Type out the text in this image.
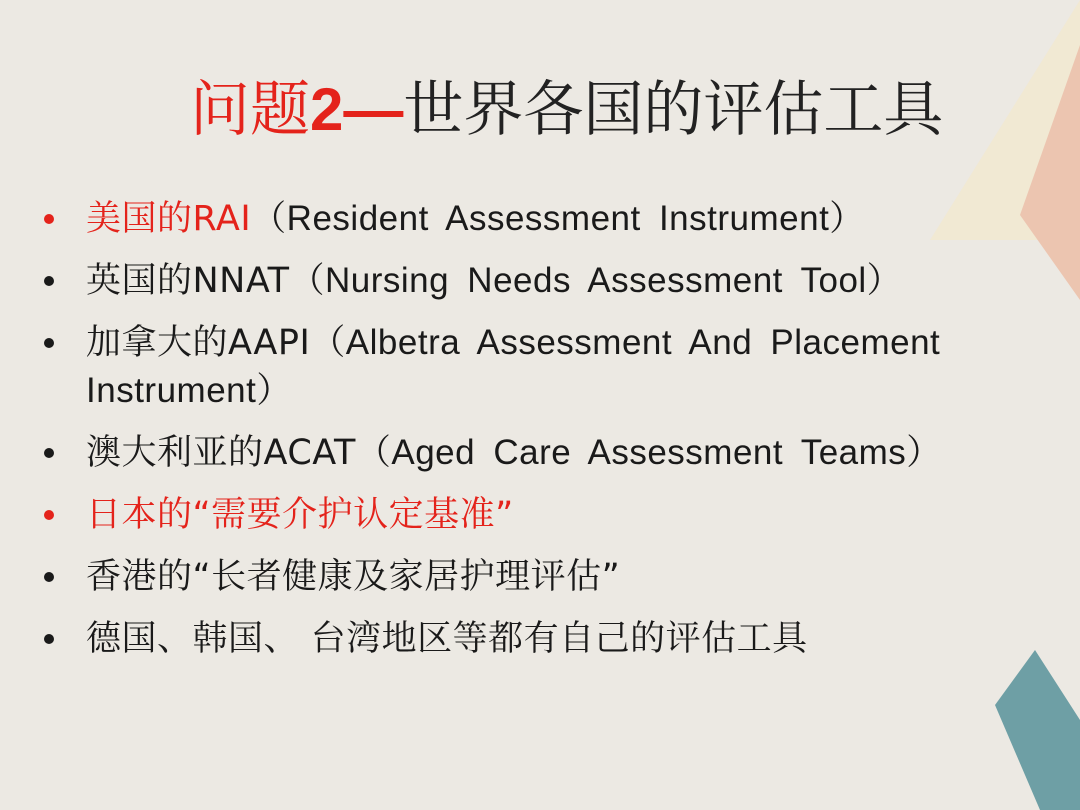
问题2—世界各国的评估工具
美国的RAI（Resident Assessment Instrument）
英国的NNAT（Nursing Needs Assessment Tool）
加拿大的AAPI（Albetra Assessment And Placement Instrument）
澳大利亚的ACAT（Aged Care Assessment Teams）
日本的“需要介护认定基准”
香港的“长者健康及家居护理评估”
德国、韩国、 台湾地区等都有自己的评估工具
